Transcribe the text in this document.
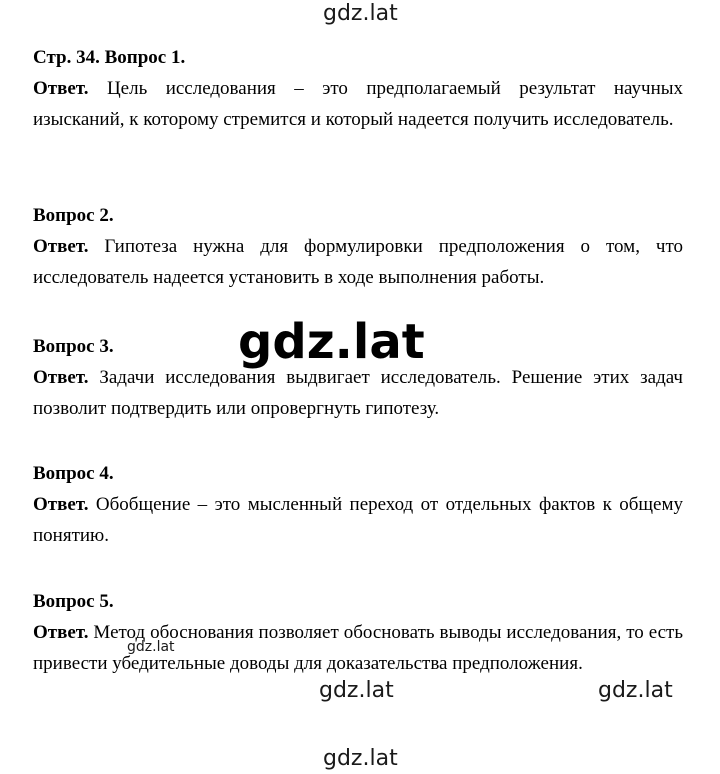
gdz.lat

Стр. 34. Вопрос 1.

Ответ. Цель исследования – это предполагаемый результат научных изысканий, к которому стремится и который надеется получить исследователь.

Вопрос 2.

Ответ. Гипотеза нужна для формулировки предположения о том, что исследователь надеется установить в ходе выполнения работы.

Вопрос 3.

Ответ. Задачи исследования выдвигает исследователь. Решение этих задач позволит подтвердить или опровергнуть гипотезу.

Вопрос 4.

Ответ. Обобщение – это мысленный переход от отдельных фактов к общему понятию.

Вопрос 5.

Ответ. Метод обоснования позволяет обосновать выводы исследования, то есть привести убедительные доводы для доказательства предположения.

gdz.lat
gdz.lat
gdz.lat	gdz.lat
gdz.lat
